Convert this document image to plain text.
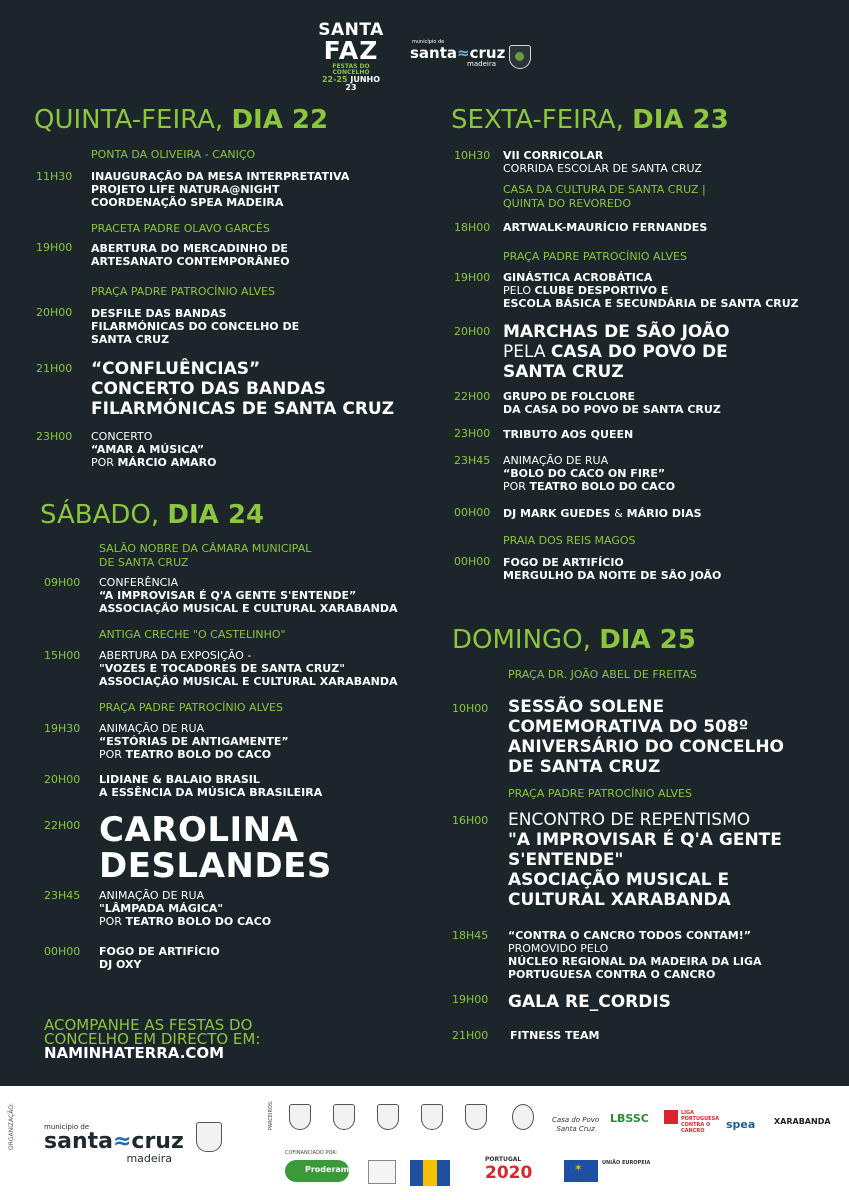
SANTA
FAZ
FESTAS DO CONCELHO
22-25 JUNHO 23
município de
santa≈cruz
madeira
QUINTA-FEIRA, DIA 22
PONTA DA OLIVEIRA - CANIÇO
11H30 INAUGURAÇÃO DA MESA INTERPRETATIVA
PROJETO LIFE NATURA@NIGHT
COORDENAÇÃO SPEA MADEIRA
PRACETA PADRE OLAVO GARCÊS
19H00 ABERTURA DO MERCADINHO DE
ARTESANATO CONTEMPORÂNEO
PRAÇA PADRE PATROCÍNIO ALVES
20H00 DESFILE DAS BANDAS
FILARMÓNICAS DO CONCELHO DE
SANTA CRUZ
21H00 “CONFLUÊNCIAS”
CONCERTO DAS BANDAS
FILARMÓNICAS DE SANTA CRUZ
23H00 CONCERTO
“AMAR A MÚSICA”
POR MÁRCIO AMARO
SÁBADO, DIA 24
SALÃO NOBRE DA CÂMARA MUNICIPAL
DE SANTA CRUZ
09H00 CONFERÊNCIA
“A IMPROVISAR É Q'A GENTE S'ENTENDE”
ASSOCIAÇÃO MUSICAL E CULTURAL XARABANDA
ANTIGA CRECHE "O CASTELINHO"
15H00 ABERTURA DA EXPOSIÇÃO -
"VOZES E TOCADORES DE SANTA CRUZ"
ASSOCIAÇÃO MUSICAL E CULTURAL XARABANDA
PRAÇA PADRE PATROCÍNIO ALVES
19H30 ANIMAÇÃO DE RUA
“ESTÓRIAS DE ANTIGAMENTE”
POR TEATRO BOLO DO CACO
20H00 LIDIANE & BALAIO BRASIL
A ESSÊNCIA DA MÚSICA BRASILEIRA
22H00 CAROLINA
DESLANDES
23H45 ANIMAÇÃO DE RUA
"LÂMPADA MÁGICA"
POR TEATRO BOLO DO CACO
00H00 FOGO DE ARTIFÍCIO
DJ OXY
ACOMPANHE AS FESTAS DO
CONCELHO EM DIRECTO EM:
NAMINHATERRA.COM
SEXTA-FEIRA, DIA 23
10H30 VII CORRICOLAR
CORRIDA ESCOLAR DE SANTA CRUZ
CASA DA CULTURA DE SANTA CRUZ |
QUINTA DO REVOREDO
18H00 ARTWALK-MAURÍCIO FERNANDES
PRAÇA PADRE PATROCÍNIO ALVES
19H00 GINÁSTICA ACROBÁTICA
PELO CLUBE DESPORTIVO E
ESCOLA BÁSICA E SECUNDÁRIA DE SANTA CRUZ
20H00 MARCHAS DE SÃO JOÃO
PELA CASA DO POVO DE
SANTA CRUZ
22H00 GRUPO DE FOLCLORE
DA CASA DO POVO DE SANTA CRUZ
23H00 TRIBUTO AOS QUEEN
23H45 ANIMAÇÃO DE RUA
“BOLO DO CACO ON FIRE”
POR TEATRO BOLO DO CACO
00H00 DJ MARK GUEDES & MÁRIO DIAS
PRAIA DOS REIS MAGOS
00H00 FOGO DE ARTIFÍCIO
MERGULHO DA NOITE DE SÃO JOÃO
DOMINGO, DIA 25
PRAÇA DR. JOÃO ABEL DE FREITAS
10H00 SESSÃO SOLENE
COMEMORATIVA DO 508º
ANIVERSÁRIO DO CONCELHO
DE SANTA CRUZ
PRAÇA PADRE PATROCÍNIO ALVES
16H00 ENCONTRO DE REPENTISMO
"A IMPROVISAR É Q'A GENTE
S'ENTENDE"
ASOCIAÇÃO MUSICAL E
CULTURAL XARABANDA
18H45 “CONTRA O CANCRO TODOS CONTAM!”
PROMOVIDO PELO
NÚCLEO REGIONAL DA MADEIRA DA LIGA
PORTUGUESA CONTRA O CANCRO
19H00 GALA RE_CORDIS
21H00 FITNESS TEAM
ORGANIZAÇÃO:	município de
santa≈cruz
madeira
PARCEIROS:	Casa do Povo
Santa Cruz
LBSSC	LIGA PORTUGUESA CONTRA O CANCRO	spea XARABANDA
COFINANCIADO POR:
Proderam
PORTUGAL
2020	✶	UNIÃO EUROPEIA
